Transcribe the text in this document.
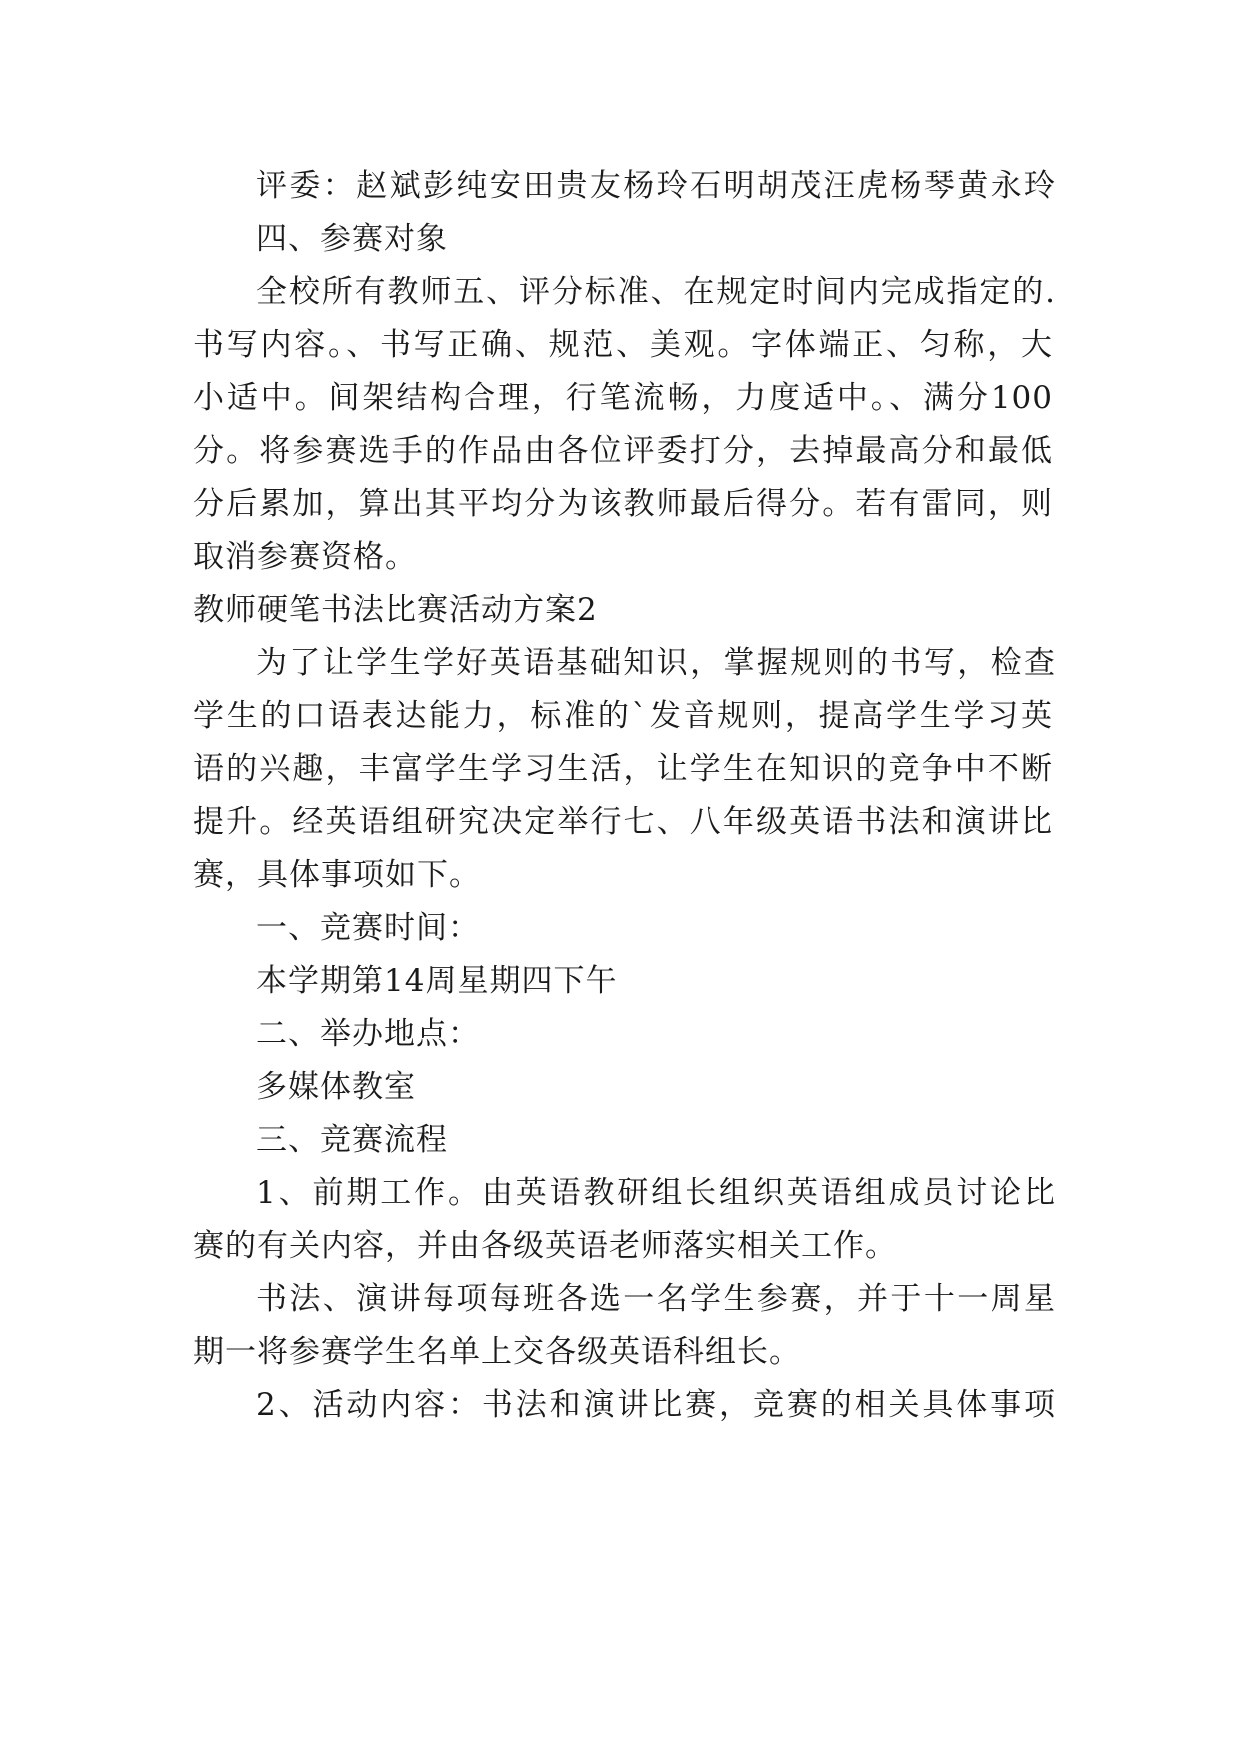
评委：赵斌彭纯安田贵友杨玲石明胡茂汪虎杨琴黄永玲
四、参赛对象
全校所有教师五、评分标准、在规定时间内完成指定的.
书写内容。、书写正确、规范、美观。字体端正、匀称，大
小适中。间架结构合理，行笔流畅，力度适中。、满分100
分。将参赛选手的作品由各位评委打分，去掉最高分和最低
分后累加，算出其平均分为该教师最后得分。若有雷同，则
取消参赛资格。
教师硬笔书法比赛活动方案2
为了让学生学好英语基础知识，掌握规则的书写，检查
学生的口语表达能力，标准的`发音规则，提高学生学习英
语的兴趣，丰富学生学习生活，让学生在知识的竞争中不断
提升。经英语组研究决定举行七、八年级英语书法和演讲比
赛，具体事项如下。
一、竞赛时间：
本学期第14周星期四下午
二、举办地点：
多媒体教室
三、竞赛流程
1、前期工作。由英语教研组长组织英语组成员讨论比
赛的有关内容，并由各级英语老师落实相关工作。
书法、演讲每项每班各选一名学生参赛，并于十一周星
期一将参赛学生名单上交各级英语科组长。
2、活动内容：书法和演讲比赛，竞赛的相关具体事项
